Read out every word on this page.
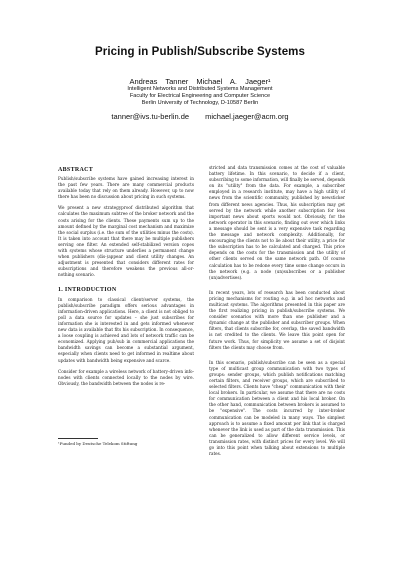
Pricing in Publish/Subscribe Systems
Andreas Tanner Michael A. Jaeger¹
Intelligent Networks and Distributed Systems Management
Faculty for Electrical Engineering and Computer Science
Berlin University of Technology, D-10587 Berlin
tanner@ivs.tu-berlin.de michael.jaeger@acm.org
ABSTRACT

Publish/subscribe systems have gained increasing interest in the past few years. There are many commercial products available today that rely on them already. However, up to now there has been no discussion about pricing in such systems.

We present a new strategyproof distributed algorithm that calculates the maximum subtree of the broker network and the costs arising for the clients. These payments sum up to the amount defined by the marginal cost mechanism and maximize the social surplus (i.e. the sum of the utilities minus the costs). It is taken into account that there may be multiple publishers serving one filter. An extended self-stabilized version copes with systems whose structure underlies a permanent change when publishers (dis-)appear and client utility changes. An adjustment is presented that considers different rates for subscriptions and therefore weakens the previous all-or-nothing scenario.

1. INTRODUCTION

In comparison to classical client/server systems, the publish/subscribe paradigm offers serious advantages in information-driven applications. Here, a client is not obliged to poll a data source for updates – she just subscribes for information she is interested in and gets informed whenever new data is available that fits his subscription. In consequence, a loose coupling is achieved and lots of network traffic can be economized. Applying pub/sub in commercial applications the bandwidth savings can become a substantial argument, especially when clients need to get informed in realtime about updates with bandwidth being expensive and scarce.

Consider for example a wireless network of battery-driven info-nodes with clients connected locally to the nodes by wire. Obviously, the bandwidth between the nodes is re-

¹Funded by Deutsche Telekom Stiftung

stricted and data transmission comes at the cost of valuable battery lifetime. In this scenario, to decide if a client, subscribing to some information, will finally be served, depends on its "utility" from the data. For example, a subscriber employed in a research institute, may have a high utility of news from the scientific community, published by newsticker from different news agencies. Thus, his subscription may get served by the network while another subscription for less important news about sports would not. Obviously, for the network operator in this scenario, finding out over which links a message should be sent is a very expensive task regarding the message and network complexity. Additionally, for encouraging the clients not to lie about their utility, a price for the subscription has to be calculated and charged. This price depends on the costs for the transmission and the utility of other clients served on the same network path. Of course calculation has to be redone every time some change occurs in the network (e.g. a node (un)subscribes or a publisher (un)advertises).

In recent years, lots of research has been conducted about pricing mechanisms for routing e.g. in ad hoc networks and multicast systems. The algorithms presented in this paper are the first realizing pricing in publish/subscribe systems. We consider scenarios with more than one publisher and a dynamic change at the publisher and subscriber groups. When filters, that clients subscribe for, overlap, the saved bandwidth is not credited to the clients. We leave this point open for future work. Thus, for simplicity we assume a set of disjoint filters the clients may choose from.

In this scenario, publish/subscribe can be seen as a special type of multicast group communication with two types of groups: sender groups, which publish notifications matching certain filters, and receiver groups, which are subscribed to selected filters. Clients have "cheap" communication with their local brokers. In particular, we assume that there are no costs for communication between a client and his local broker. On the other hand, communication between brokers is assumed to be "expensive". The costs incurred by inter-broker communication can be modeled in many ways. The simplest approach is to assume a fixed amount per link that is charged whenever the link is used as part of the data transmission. This can be generalized to allow different service levels, or transmission rates, with distinct prices for every level. We will go into this point when talking about extensions to multiple rates.
